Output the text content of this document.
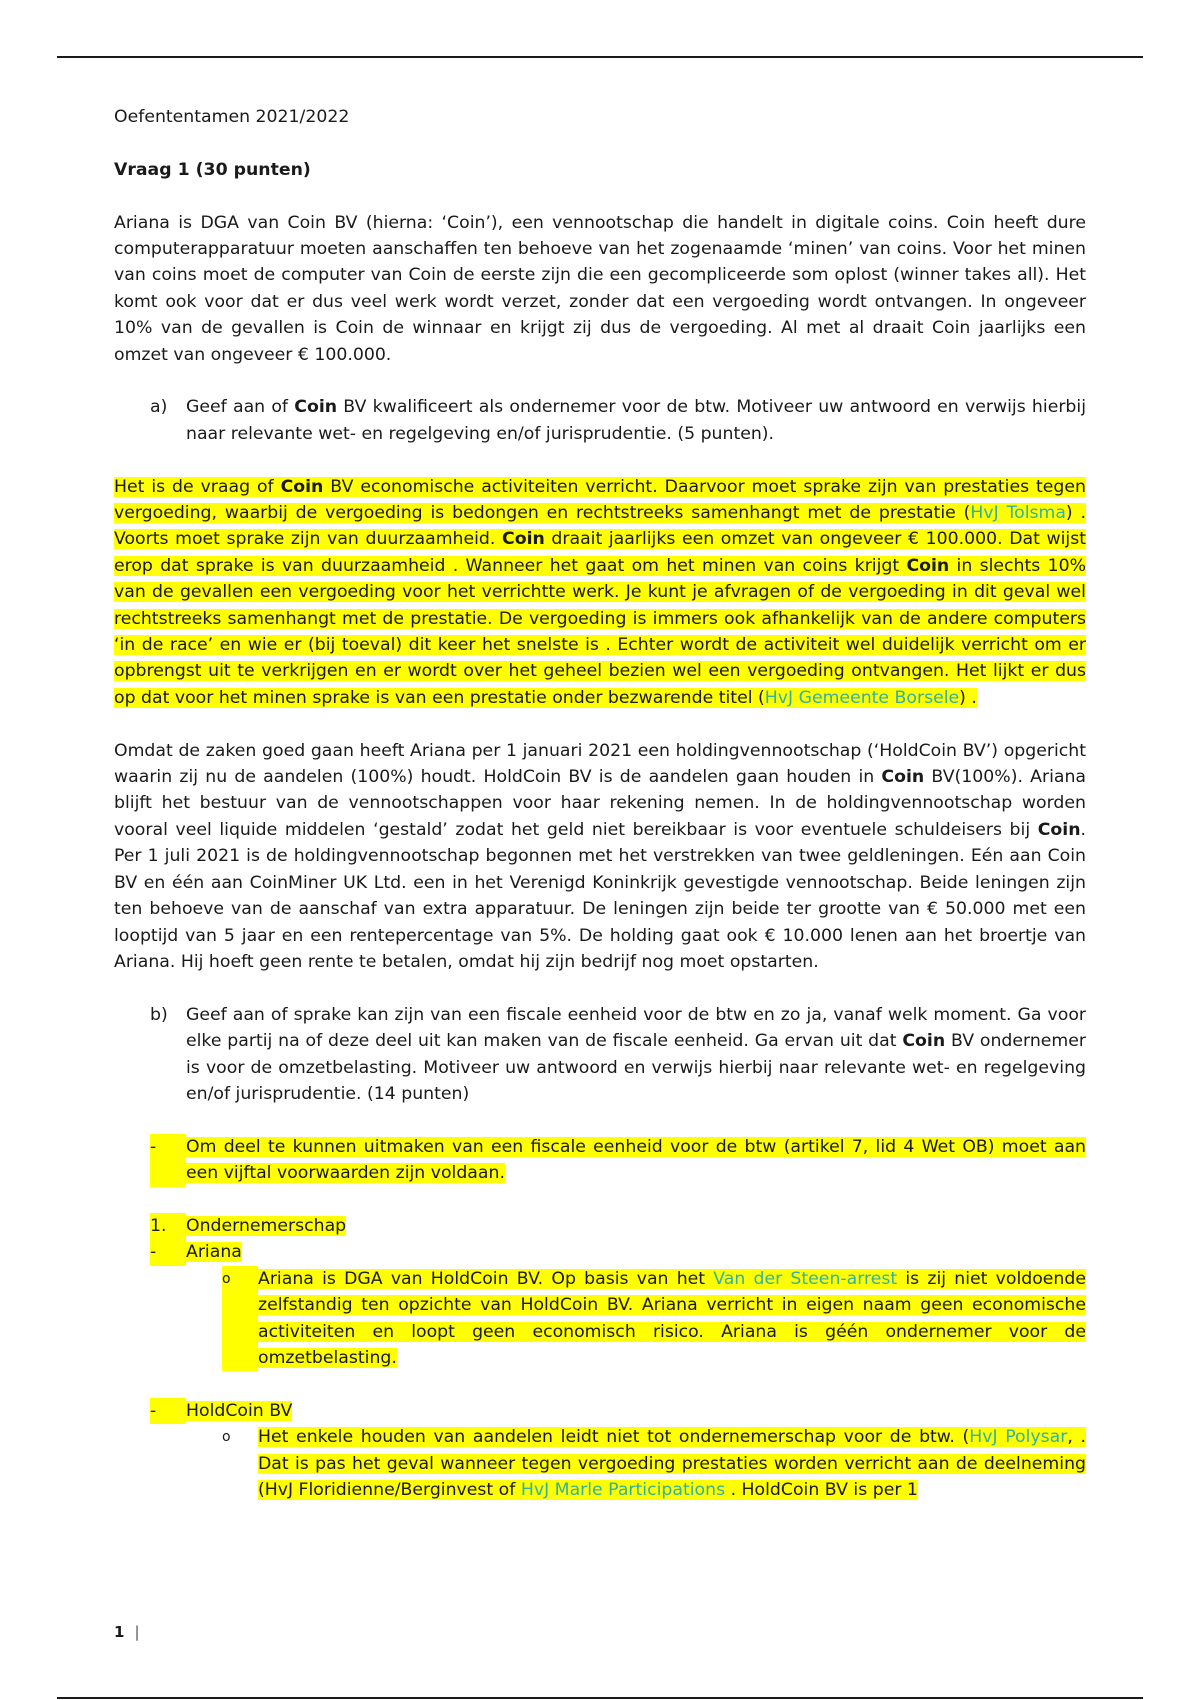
Oefententamen 2021/2022

Vraag 1 (30 punten)

Ariana is DGA van Coin BV (hierna: ‘Coin’), een vennootschap die handelt in digitale coins. Coin heeft dure computerapparatuur moeten aanschaffen ten behoeve van het zogenaamde ‘minen’ van coins. Voor het minen van coins moet de computer van Coin de eerste zijn die een gecompliceerde som oplost (winner takes all). Het komt ook voor dat er dus veel werk wordt verzet, zonder dat een vergoeding wordt ontvangen. In ongeveer 10% van de gevallen is Coin de winnaar en krijgt zij dus de vergoeding. Al met al draait Coin jaarlijks een omzet van ongeveer € 100.000.

a)	Geef aan of Coin BV kwalificeert als ondernemer voor de btw. Motiveer uw antwoord en verwijs hierbij naar relevante wet- en regelgeving en/of jurisprudentie. (5 punten).

Het is de vraag of Coin BV economische activiteiten verricht. Daarvoor moet sprake zijn van prestaties tegen vergoeding, waarbij de vergoeding is bedongen en rechtstreeks samenhangt met de prestatie (HvJ Tolsma) . Voorts moet sprake zijn van duurzaamheid. Coin draait jaarlijks een omzet van ongeveer € 100.000. Dat wijst erop dat sprake is van duurzaamheid . Wanneer het gaat om het minen van coins krijgt Coin in slechts 10% van de gevallen een vergoeding voor het verrichtte werk. Je kunt je afvragen of de vergoeding in dit geval wel rechtstreeks samenhangt met de prestatie. De vergoeding is immers ook afhankelijk van de andere computers ‘in de race’ en wie er (bij toeval) dit keer het snelste is . Echter wordt de activiteit wel duidelijk verricht om er opbrengst uit te verkrijgen en er wordt over het geheel bezien wel een vergoeding ontvangen. Het lijkt er dus op dat voor het minen sprake is van een prestatie onder bezwarende titel (HvJ Gemeente Borsele) .

Omdat de zaken goed gaan heeft Ariana per 1 januari 2021 een holdingvennootschap (‘HoldCoin BV’) opgericht waarin zij nu de aandelen (100%) houdt. HoldCoin BV is de aandelen gaan houden in Coin BV(100%). Ariana blijft het bestuur van de vennootschappen voor haar rekening nemen. In de holdingvennootschap worden vooral veel liquide middelen ‘gestald’ zodat het geld niet bereikbaar is voor eventuele schuldeisers bij Coin. Per 1 juli 2021 is de holdingvennootschap begonnen met het verstrekken van twee geldleningen. Eén aan Coin BV en één aan CoinMiner UK Ltd. een in het Verenigd Koninkrijk gevestigde vennootschap. Beide leningen zijn ten behoeve van de aanschaf van extra apparatuur. De leningen zijn beide ter grootte van € 50.000 met een looptijd van 5 jaar en een rentepercentage van 5%. De holding gaat ook € 10.000 lenen aan het broertje van Ariana. Hij hoeft geen rente te betalen, omdat hij zijn bedrijf nog moet opstarten.

b)	Geef aan of sprake kan zijn van een fiscale eenheid voor de btw en zo ja, vanaf welk moment. Ga voor elke partij na of deze deel uit kan maken van de fiscale eenheid. Ga ervan uit dat Coin BV ondernemer is voor de omzetbelasting. Motiveer uw antwoord en verwijs hierbij naar relevante wet- en regelgeving en/of jurisprudentie. (14 punten)
-	Om deel te kunnen uitmaken van een fiscale eenheid voor de btw (artikel 7, lid 4 Wet OB) moet aan een vijftal voorwaarden zijn voldaan.
1.	Ondernemerschap
-	Ariana
o	Ariana is DGA van HoldCoin BV. Op basis van het Van der Steen-arrest is zij niet voldoende zelfstandig ten opzichte van HoldCoin BV. Ariana verricht in eigen naam geen economische activiteiten en loopt geen economisch risico. Ariana is géén ondernemer voor de omzetbelasting.
-	HoldCoin BV
o	Het enkele houden van aandelen leidt niet tot ondernemerschap voor de btw. (HvJ Polysar, . Dat is pas het geval wanneer tegen vergoeding prestaties worden verricht aan de deelneming (HvJ Floridienne/Berginvest of HvJ Marle Participations . HoldCoin BV is per 1
1 |
